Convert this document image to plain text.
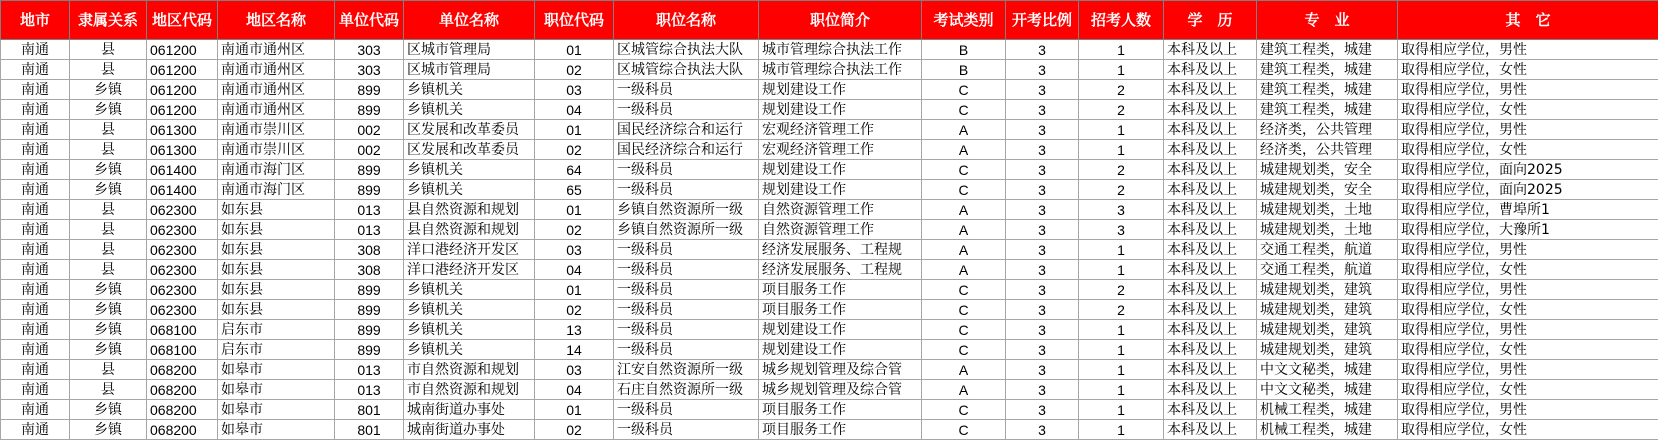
地市	隶属关系	地区代码	地区名称	单位代码	单位名称	职位代码	职位名称	职位简介	考试类别	开考比例	招考人数	学　历	专　业	其　它
南通	县	061200	南通市通州区	303	区城市管理局	01	区城管综合执法大队	城市管理综合执法工作	B	3	1	本科及以上	建筑工程类，城建	取得相应学位，男性
南通	县	061200	南通市通州区	303	区城市管理局	02	区城管综合执法大队	城市管理综合执法工作	B	3	1	本科及以上	建筑工程类，城建	取得相应学位，女性
南通	乡镇	061200	南通市通州区	899	乡镇机关	03	一级科员	规划建设工作	C	3	2	本科及以上	建筑工程类，城建	取得相应学位，男性
南通	乡镇	061200	南通市通州区	899	乡镇机关	04	一级科员	规划建设工作	C	3	2	本科及以上	建筑工程类，城建	取得相应学位，女性
南通	县	061300	南通市崇川区	002	区发展和改革委员	01	国民经济综合和运行	宏观经济管理工作	A	3	1	本科及以上	经济类，公共管理	取得相应学位，男性
南通	县	061300	南通市崇川区	002	区发展和改革委员	02	国民经济综合和运行	宏观经济管理工作	A	3	1	本科及以上	经济类，公共管理	取得相应学位，女性
南通	乡镇	061400	南通市海门区	899	乡镇机关	64	一级科员	规划建设工作	C	3	2	本科及以上	城建规划类，安全	取得相应学位，面向2025
南通	乡镇	061400	南通市海门区	899	乡镇机关	65	一级科员	规划建设工作	C	3	2	本科及以上	城建规划类，安全	取得相应学位，面向2025
南通	县	062300	如东县	013	县自然资源和规划	01	乡镇自然资源所一级	自然资源管理工作	A	3	3	本科及以上	城建规划类，土地	取得相应学位，曹埠所1
南通	县	062300	如东县	013	县自然资源和规划	02	乡镇自然资源所一级	自然资源管理工作	A	3	3	本科及以上	城建规划类，土地	取得相应学位，大豫所1
南通	县	062300	如东县	308	洋口港经济开发区	03	一级科员	经济发展服务、工程规	A	3	1	本科及以上	交通工程类，航道	取得相应学位，男性
南通	县	062300	如东县	308	洋口港经济开发区	04	一级科员	经济发展服务、工程规	A	3	1	本科及以上	交通工程类，航道	取得相应学位，女性
南通	乡镇	062300	如东县	899	乡镇机关	01	一级科员	项目服务工作	C	3	2	本科及以上	城建规划类，建筑	取得相应学位，男性
南通	乡镇	062300	如东县	899	乡镇机关	02	一级科员	项目服务工作	C	3	2	本科及以上	城建规划类，建筑	取得相应学位，女性
南通	乡镇	068100	启东市	899	乡镇机关	13	一级科员	规划建设工作	C	3	1	本科及以上	城建规划类，建筑	取得相应学位，男性
南通	乡镇	068100	启东市	899	乡镇机关	14	一级科员	规划建设工作	C	3	1	本科及以上	城建规划类，建筑	取得相应学位，女性
南通	县	068200	如皋市	013	市自然资源和规划	03	江安自然资源所一级	城乡规划管理及综合管	A	3	1	本科及以上	中文文秘类，城建	取得相应学位，男性
南通	县	068200	如皋市	013	市自然资源和规划	04	石庄自然资源所一级	城乡规划管理及综合管	A	3	1	本科及以上	中文文秘类，城建	取得相应学位，女性
南通	乡镇	068200	如皋市	801	城南街道办事处	01	一级科员	项目服务工作	C	3	1	本科及以上	机械工程类，城建	取得相应学位，男性
南通	乡镇	068200	如皋市	801	城南街道办事处	02	一级科员	项目服务工作	C	3	1	本科及以上	机械工程类，城建	取得相应学位，女性
